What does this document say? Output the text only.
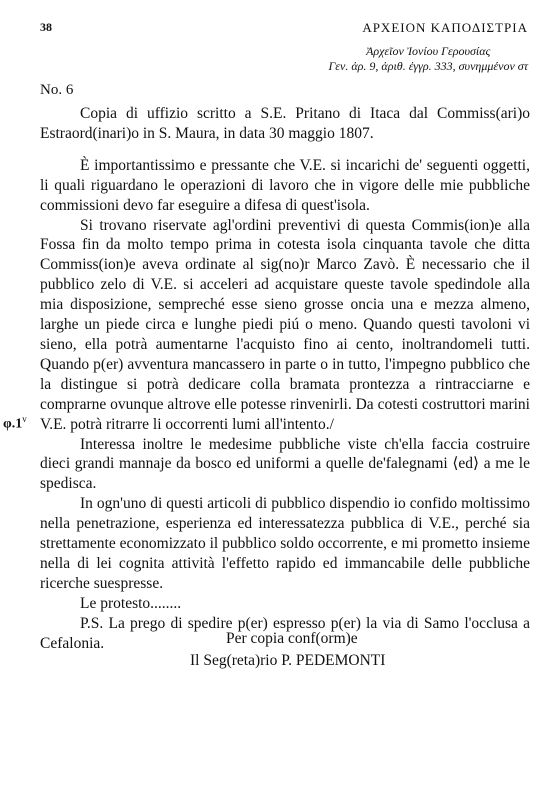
38	ΑΡΧΕΙΟΝ ΚΑΠΟΔΙΣΤΡΙΑ
Ἀρχεῖον Ἰονίου Γερουσίας
Γεν. ἀρ. 9, ἀριθ. ἐγγρ. 333, συνημμένον στ
No. 6
φ.1$^v$

Copia di uffizio scritto a S.E. Pritano di Itaca dal Commiss(ari)o Estraord(inari)o in S. Maura, in data 30 maggio 1807.

È importantissimo e pressante che V.E. si incarichi de' seguenti oggetti, li quali riguardano le operazioni di lavoro che in vigore delle mie pubbliche commissioni devo far eseguire a difesa di quest'isola.

Si trovano riservate agl'ordini preventivi di questa Commis(ion)e alla Fossa fin da molto tempo prima in cotesta isola cinquanta tavole che ditta Commiss(ion)e aveva ordinate al sig(no)r Marco Zavò. È necessario che il pubblico zelo di V.E. si acceleri ad acquistare queste tavole spedindole alla mia disposizione, sempreché esse sieno grosse oncia una e mezza almeno, larghe un piede circa e lunghe piedi piú o meno. Quando questi tavoloni vi sieno, ella potrà aumentarne l'acquisto fino ai cento, inoltrandomeli tutti. Quando p(er) avventura mancassero in parte o in tutto, l'impegno pubblico che la distingue si potrà dedicare colla bramata prontezza a rintracciarne e comprarne ovunque altrove elle potesse rinvenirli. Da cotesti costruttori marini V.E. potrà ritrarre li occorrenti lumi all'intento./

Interessa inoltre le medesime pubbliche viste ch'ella faccia costruire dieci grandi mannaje da bosco ed uniformi a quelle de'falegnami ⟨ed⟩ a me le spedisca.

In ogn'uno di questi articoli di pubblico dispendio io confido moltissimo nella penetrazione, esperienza ed interessatezza pubblica di V.E., perché sia strettamente economizzato il pubblico soldo occorrente, e mi prometto insieme nella di lei cognita attività l'effetto rapido ed immancabile delle pubbliche ricerche suespresse.

Le protesto........

P.S. La prego di spedire p(er) espresso p(er) la via di Samo l'occlusa a Cefalonia.	Per copia conf(orm)e
Il Seg(reta)rio P. PEDEMONTI
